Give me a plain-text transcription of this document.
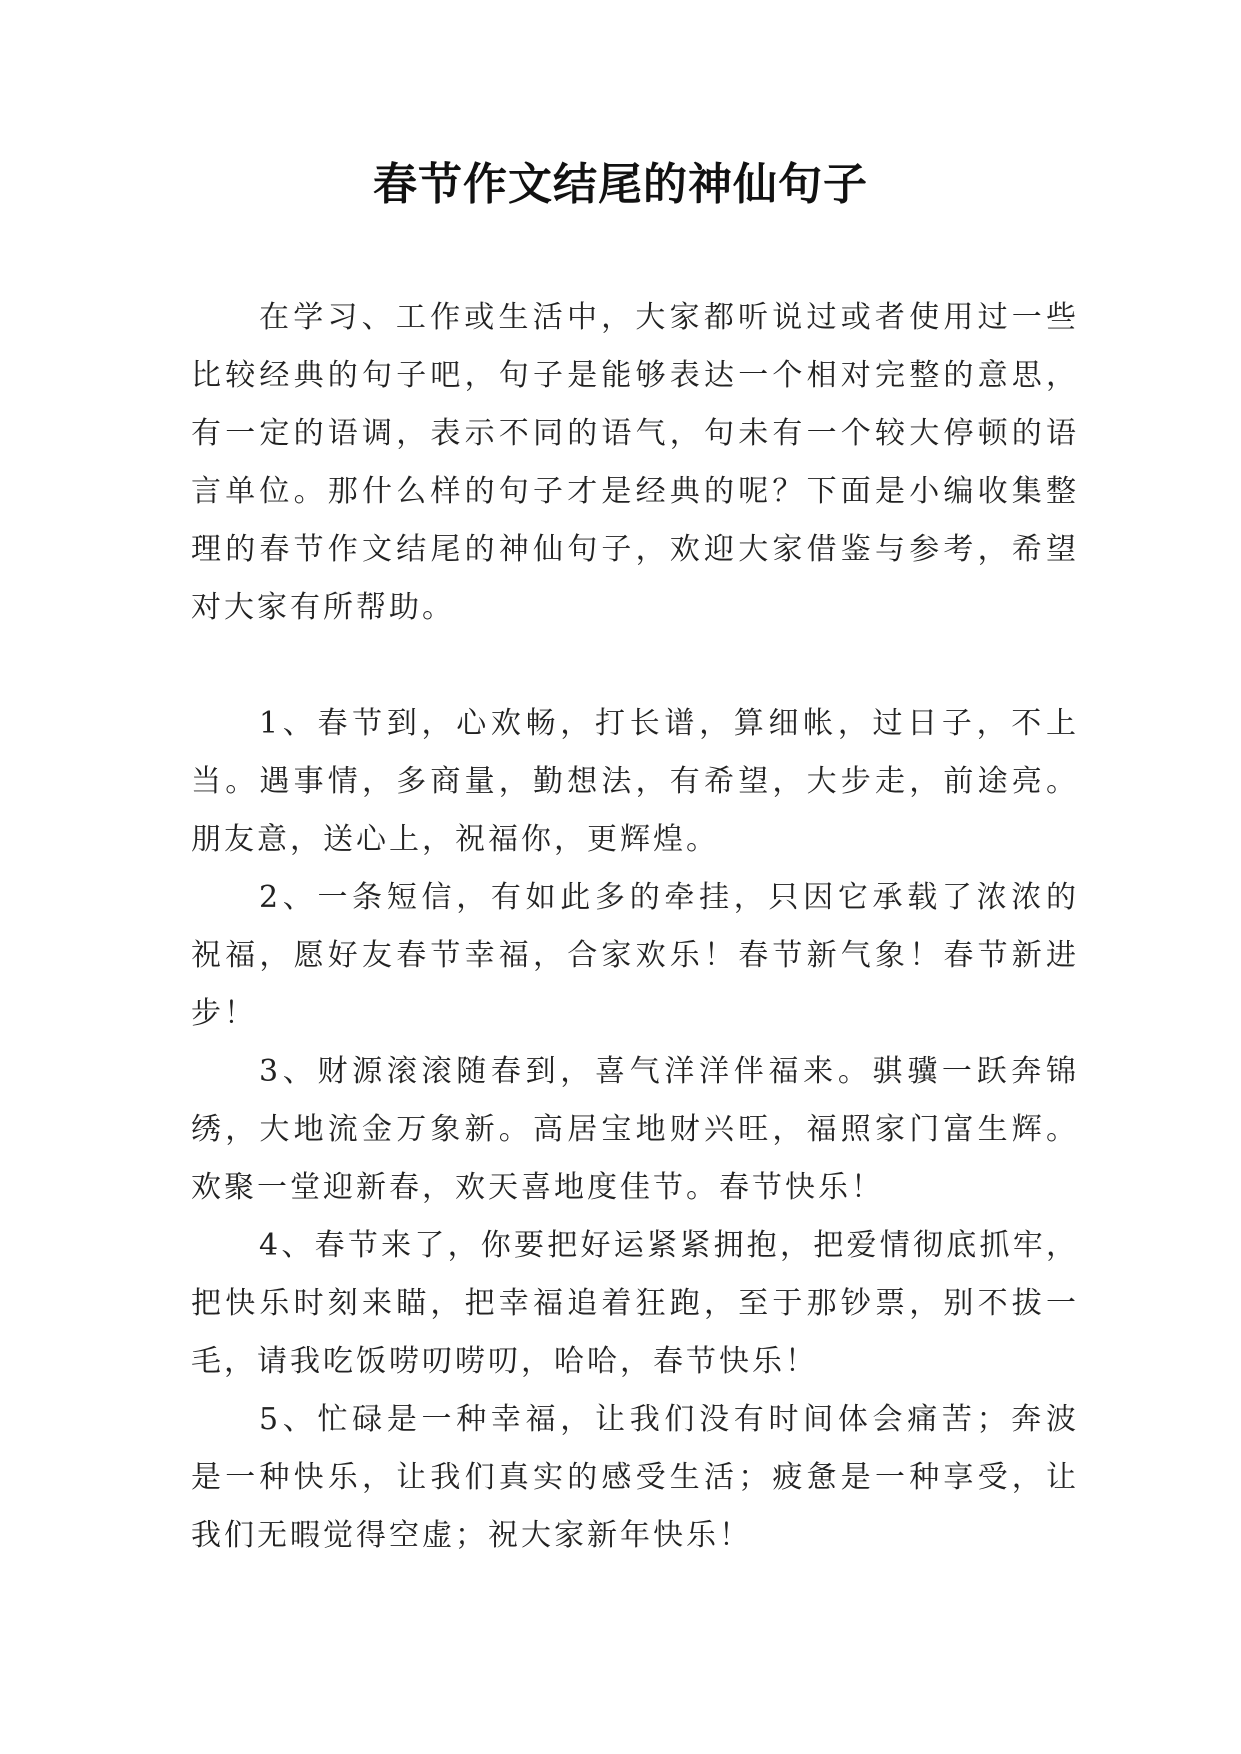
春节作文结尾的神仙句子
在学习、工作或生活中，大家都听说过或者使用过一些
比较经典的句子吧，句子是能够表达一个相对完整的意思，
有一定的语调，表示不同的语气，句未有一个较大停顿的语
言单位。那什么样的句子才是经典的呢？下面是小编收集整
理的春节作文结尾的神仙句子，欢迎大家借鉴与参考，希望
对大家有所帮助。
1、春节到，心欢畅，打长谱，算细帐，过日子，不上
当。遇事情，多商量，勤想法，有希望，大步走，前途亮。
朋友意，送心上，祝福你，更辉煌。
2、一条短信，有如此多的牵挂，只因它承载了浓浓的
祝福，愿好友春节幸福，合家欢乐！春节新气象！春节新进
步！
3、财源滚滚随春到，喜气洋洋伴福来。骐骥一跃奔锦
绣，大地流金万象新。高居宝地财兴旺，福照家门富生辉。
欢聚一堂迎新春，欢天喜地度佳节。春节快乐！
4、春节来了，你要把好运紧紧拥抱，把爱情彻底抓牢，
把快乐时刻来瞄，把幸福追着狂跑，至于那钞票，别不拔一
毛，请我吃饭唠叨唠叨，哈哈，春节快乐！
5、忙碌是一种幸福，让我们没有时间体会痛苦；奔波
是一种快乐，让我们真实的感受生活；疲惫是一种享受，让
我们无暇觉得空虚；祝大家新年快乐！
